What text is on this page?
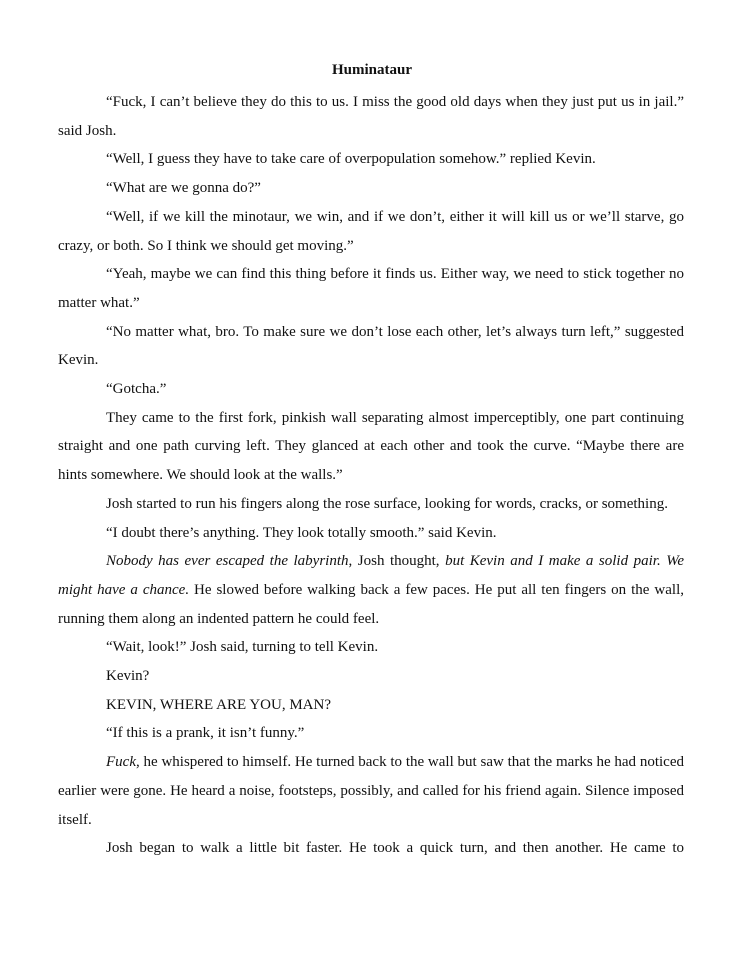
Huminataur

“Fuck, I can’t believe they do this to us. I miss the good old days when they just put us in jail.” said Josh.

“Well, I guess they have to take care of overpopulation somehow.” replied Kevin.

“What are we gonna do?”

“Well, if we kill the minotaur, we win, and if we don’t, either it will kill us or we’ll starve, go crazy, or both. So I think we should get moving.”

“Yeah, maybe we can find this thing before it finds us. Either way, we need to stick together no matter what.”

“No matter what, bro. To make sure we don’t lose each other, let’s always turn left,” suggested Kevin.

“Gotcha.”

They came to the first fork, pinkish wall separating almost imperceptibly, one part continuing straight and one path curving left. They glanced at each other and took the curve. “Maybe there are hints somewhere. We should look at the walls.”

Josh started to run his fingers along the rose surface, looking for words, cracks, or something.

“I doubt there’s anything. They look totally smooth.” said Kevin.

Nobody has ever escaped the labyrinth, Josh thought, but Kevin and I make a solid pair. We might have a chance. He slowed before walking back a few paces. He put all ten fingers on the wall, running them along an indented pattern he could feel.

“Wait, look!” Josh said, turning to tell Kevin.

Kevin?

KEVIN, WHERE ARE YOU, MAN?

“If this is a prank, it isn’t funny.”

Fuck, he whispered to himself. He turned back to the wall but saw that the marks he had noticed earlier were gone. He heard a noise, footsteps, possibly, and called for his friend again. Silence imposed itself.

Josh began to walk a little bit faster. He took a quick turn, and then another. He came to
